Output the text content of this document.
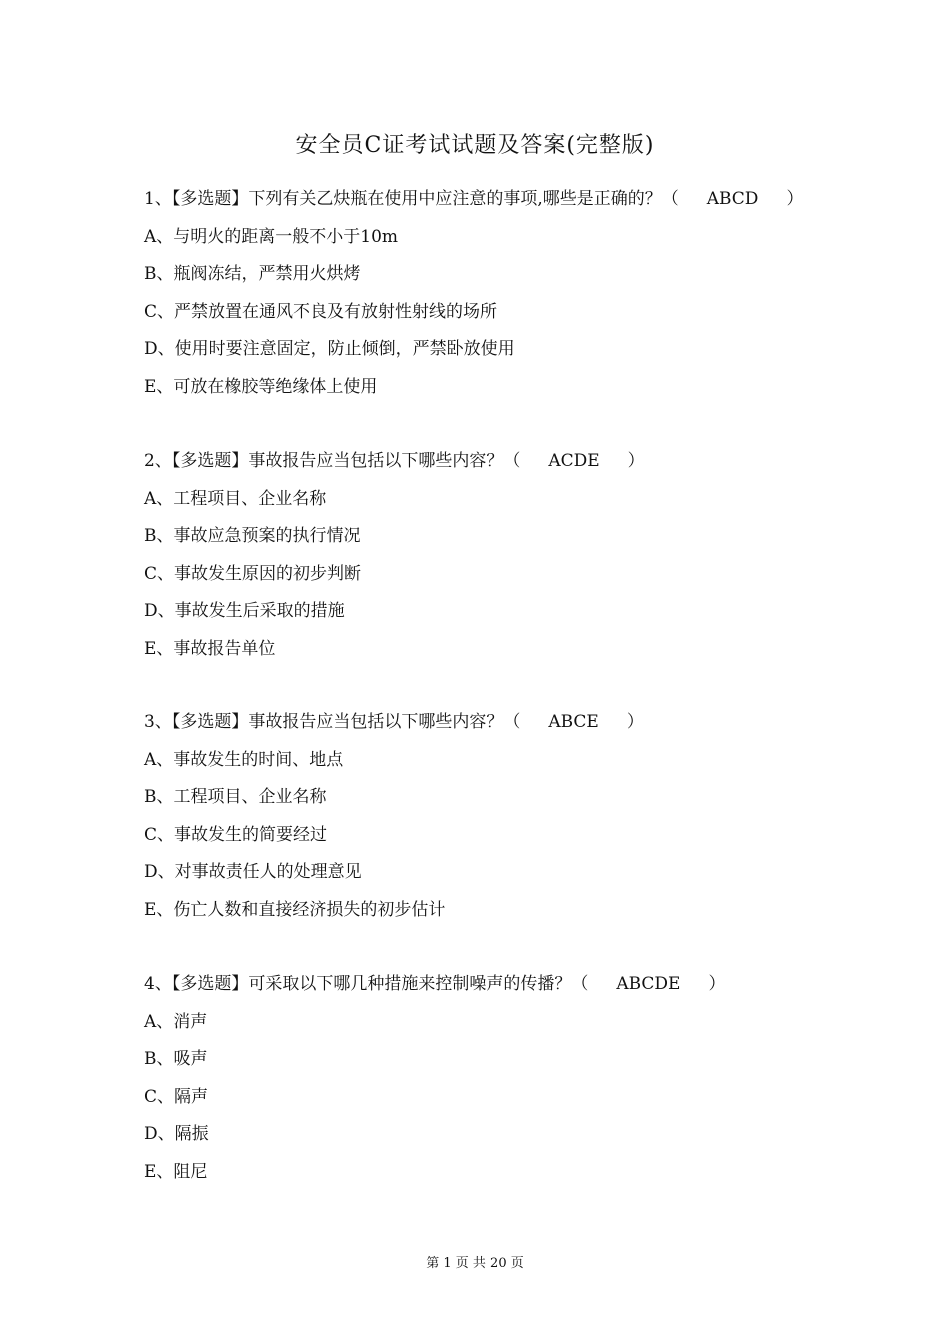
安全员C证考试试题及答案(完整版)
1、【多选题】下列有关乙炔瓶在使用中应注意的事项,哪些是正确的？（ ABCD ）
A、与明火的距离一般不小于10m
B、瓶阀冻结，严禁用火烘烤
C、严禁放置在通风不良及有放射性射线的场所
D、使用时要注意固定，防止倾倒，严禁卧放使用
E、可放在橡胶等绝缘体上使用
2、【多选题】事故报告应当包括以下哪些内容？（ ACDE ）
A、工程项目、企业名称
B、事故应急预案的执行情况
C、事故发生原因的初步判断
D、事故发生后采取的措施
E、事故报告单位
3、【多选题】事故报告应当包括以下哪些内容？（ ABCE ）
A、事故发生的时间、地点
B、工程项目、企业名称
C、事故发生的简要经过
D、对事故责任人的处理意见
E、伤亡人数和直接经济损失的初步估计
4、【多选题】可采取以下哪几种措施来控制噪声的传播？（ ABCDE ）
A、消声
B、吸声
C、隔声
D、隔振
E、阻尼
第 1 页 共 20 页
